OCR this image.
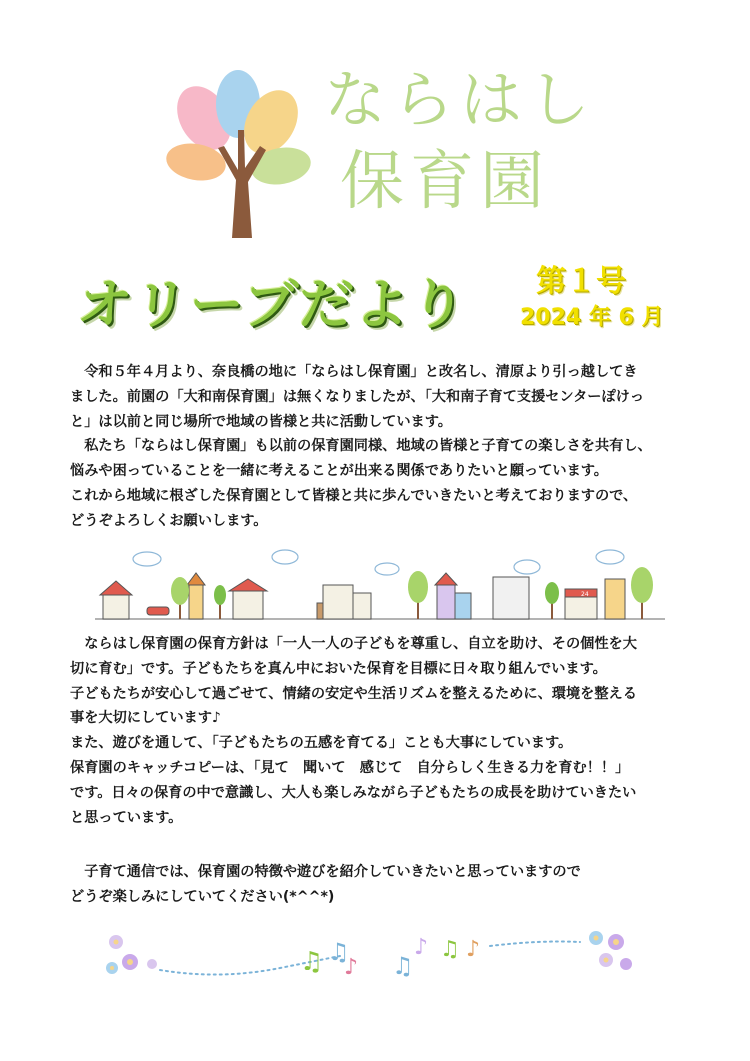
ならはし
保育園
オリーブだより 第１号
2024 年 6 月
　令和５年４月より、奈良橋の地に「ならはし保育園」と改名し、清原より引っ越してき
ました。前園の「大和南保育園」は無くなりましたが、「大和南子育て支援センターぽけっ
と」は以前と同じ場所で地域の皆様と共に活動しています。
　私たち「ならはし保育園」も以前の保育園同様、地域の皆様と子育ての楽しさを共有し、
悩みや困っていることを一緒に考えることが出来る関係でありたいと願っています。
これから地域に根ざした保育園として皆様と共に歩んでいきたいと考えておりますので、
どうぞよろしくお願いします。
24
　ならはし保育園の保育方針は「一人一人の子どもを尊重し、自立を助け、その個性を大
切に育む」です。子どもたちを真ん中においた保育を目標に日々取り組んでいます。
子どもたちが安心して過ごせて、情緒の安定や生活リズムを整えるために、環境を整える
事を大切にしています♪
また、遊びを通して、「子どもたちの五感を育てる」ことも大事にしています。
保育園のキャッチコピーは、「見て　聞いて　感じて　自分らしく生きる力を育む！！」
です。日々の保育の中で意識し、大人も楽しみながら子どもたちの成長を助けていきたい
と思っています。
　子育て通信では、保育園の特徴や遊びを紹介していきたいと思っていますので
どうぞ楽しみにしていてください(*^^*)
♫ ♫
♪ ♫
♪ ♫ ♪
